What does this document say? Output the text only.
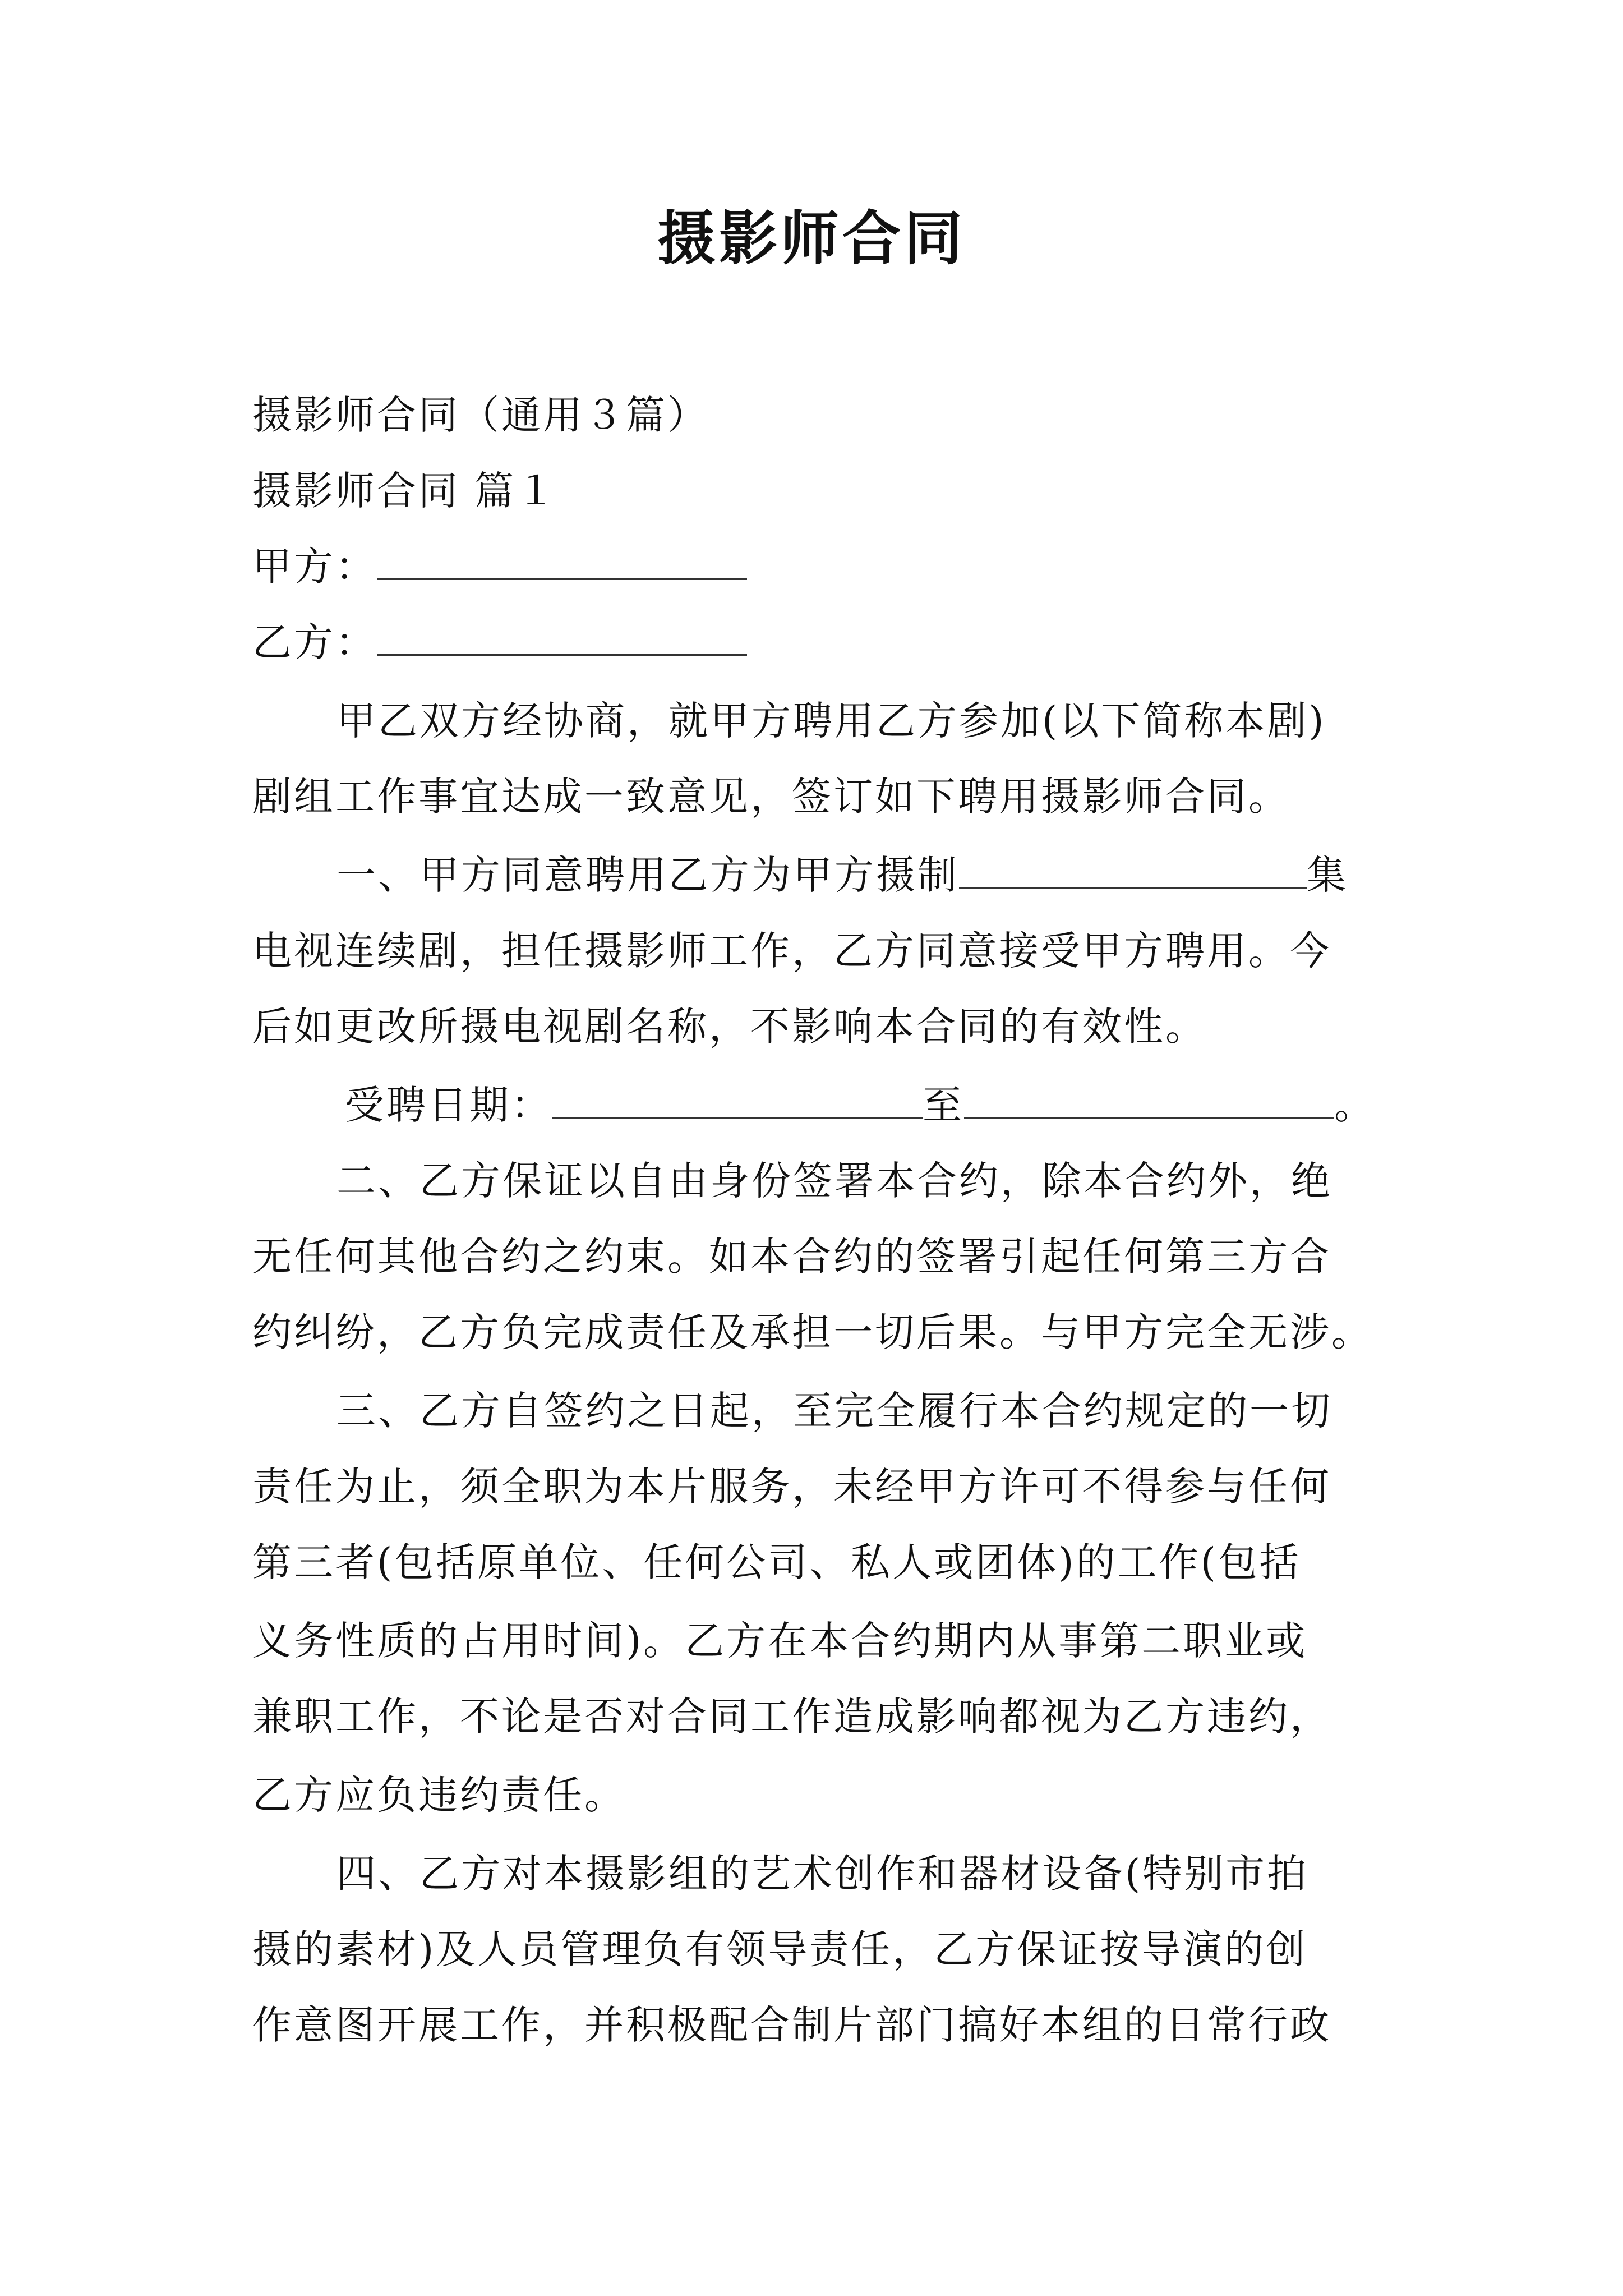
摄影师合同
摄影师合同（通用３篇）
摄影师合同 篇１
甲方：
乙方：
甲乙双方经协商，就甲方聘用乙方参加(以下简称本剧)
剧组工作事宜达成一致意见，签订如下聘用摄影师合同。
一、甲方同意聘用乙方为甲方摄制	集
电视连续剧，担任摄影师工作，乙方同意接受甲方聘用。今
后如更改所摄电视剧名称，不影响本合同的有效性。
受聘日期：	至	。
二、乙方保证以自由身份签署本合约，除本合约外，绝
无任何其他合约之约束。如本合约的签署引起任何第三方合
约纠纷，乙方负完成责任及承担一切后果。与甲方完全无涉。
三、乙方自签约之日起，至完全履行本合约规定的一切
责任为止，须全职为本片服务，未经甲方许可不得参与任何
第三者(包括原单位、任何公司、私人或团体)的工作(包括
义务性质的占用时间)。乙方在本合约期内从事第二职业或
兼职工作，不论是否对合同工作造成影响都视为乙方违约，
乙方应负违约责任。
四、乙方对本摄影组的艺术创作和器材设备(特别市拍
摄的素材)及人员管理负有领导责任，乙方保证按导演的创
作意图开展工作，并积极配合制片部门搞好本组的日常行政
